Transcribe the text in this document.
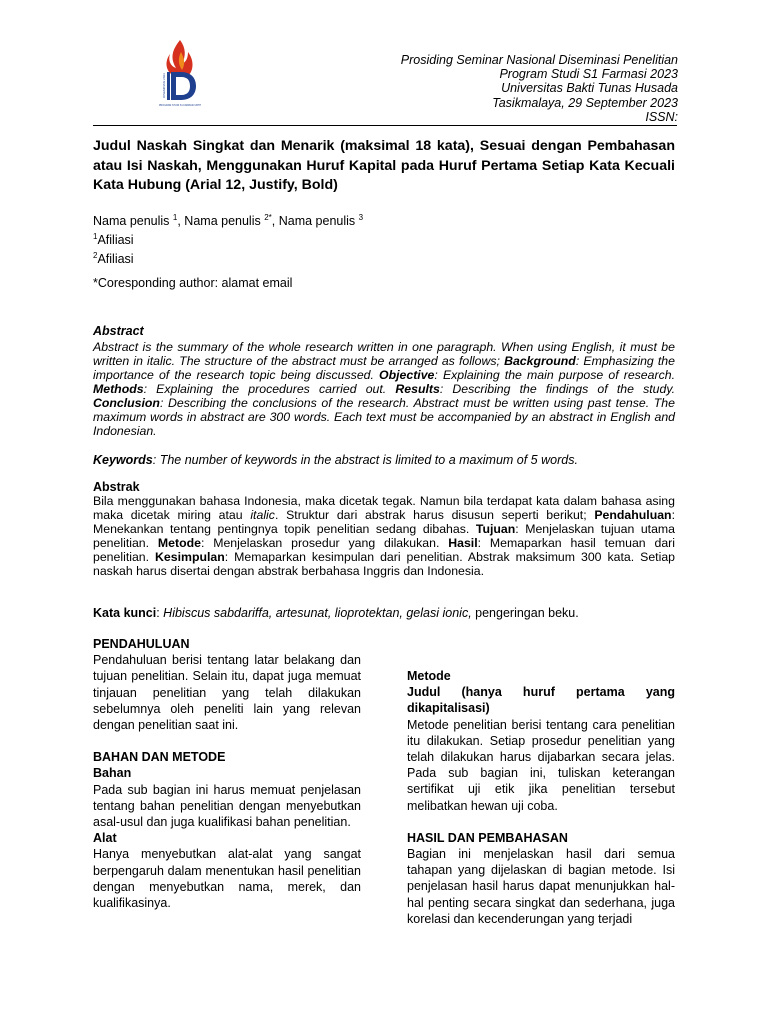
PROGRAM STUDI S1 FARMASI UBTH
DISEMINASI 2023
Prosiding Seminar Nasional Diseminasi Penelitian
Program Studi S1 Farmasi 2023
Universitas Bakti Tunas Husada
Tasikmalaya, 29 September 2023
ISSN:
Judul Naskah Singkat dan Menarik (maksimal 18 kata), Sesuai dengan Pembahasan atau Isi Naskah, Menggunakan Huruf Kapital pada Huruf Pertama Setiap Kata Kecuali Kata Hubung (Arial 12, Justify, Bold)
Nama penulis $^1$, Nama penulis $^{2*}$, Nama penulis $^3$
$^1$Afiliasi
$^2$Afiliasi
*Coresponding author: alamat email
Abstract
Abstract is the summary of the whole research written in one paragraph. When using English, it must be written in italic. The structure of the abstract must be arranged as follows; Background: Emphasizing the importance of the research topic being discussed. Objective: Explaining the main purpose of research. Methods: Explaining the procedures carried out. Results: Describing the findings of the study. Conclusion: Describing the conclusions of the research. Abstract must be written using past tense. The maximum words in abstract are 300 words. Each text must be accompanied by an abstract in English and Indonesian.
Keywords: The number of keywords in the abstract is limited to a maximum of 5 words.
Abstrak
Bila menggunakan bahasa Indonesia, maka dicetak tegak. Namun bila terdapat kata dalam bahasa asing maka dicetak miring atau italic. Struktur dari abstrak harus disusun seperti berikut; Pendahuluan: Menekankan tentang pentingnya topik penelitian sedang dibahas. Tujuan: Menjelaskan tujuan utama penelitian. Metode: Menjelaskan prosedur yang dilakukan. Hasil: Memaparkan hasil temuan dari penelitian. Kesimpulan: Memaparkan kesimpulan dari penelitian. Abstrak maksimum 300 kata. Setiap naskah harus disertai dengan abstrak berbahasa Inggris dan Indonesia.
Kata kunci: Hibiscus sabdariffa, artesunat, lioprotektan, gelasi ionic, pengeringan beku.
PENDAHULUAN
Pendahuluan berisi tentang latar belakang dan tujuan penelitian. Selain itu, dapat juga memuat tinjauan penelitian yang telah dilakukan sebelumnya oleh peneliti lain yang relevan dengan penelitian saat ini.
BAHAN DAN METODE
Bahan
Pada sub bagian ini harus memuat penjelasan tentang bahan penelitian dengan menyebutkan asal-usul dan juga kualifikasi bahan penelitian.
Alat
Hanya menyebutkan alat-alat yang sangat berpengaruh dalam menentukan hasil penelitian dengan menyebutkan nama, merek, dan kualifikasinya.
Metode
Judul (hanya huruf pertama yang dikapitalisasi)
Metode penelitian berisi tentang cara penelitian itu dilakukan. Setiap prosedur penelitian yang telah dilakukan harus dijabarkan secara jelas. Pada sub bagian ini, tuliskan keterangan sertifikat uji etik jika penelitian tersebut melibatkan hewan uji coba.
HASIL DAN PEMBAHASAN
Bagian ini menjelaskan hasil dari semua tahapan yang dijelaskan di bagian metode. Isi penjelasan hasil harus dapat menunjukkan hal-hal penting secara singkat dan sederhana, juga korelasi dan kecenderungan yang terjadi
